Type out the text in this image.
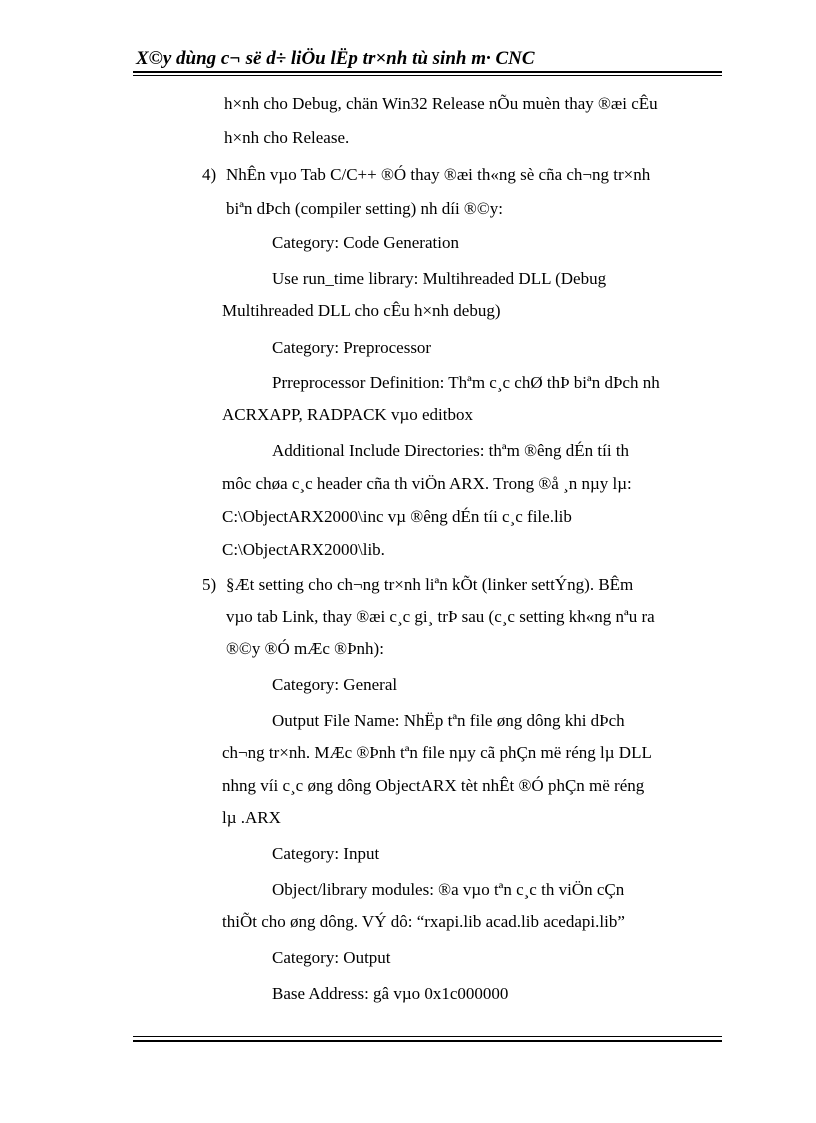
X©y dùng c¬ së d÷ liÖu lËp tr×nh tù sinh m· CNC
h×nh cho Debug, chän Win32 Release nÕu muèn thay ®æi cÊu
h×nh cho Release.
4) NhÊn vµo Tab C/C++ ®Ó thay ®æi th«ng sè cña ch¬ng tr×nh
biªn dÞch (compiler setting) nh díi ®©y:
Category: Code Generation
Use run_time library: Multihreaded DLL (Debug
Multihreaded DLL cho cÊu h×nh debug)
Category: Preprocessor
Prreprocessor Definition: Thªm c¸c chØ thÞ biªn dÞch nh
ACRXAPP, RADPACK vµo editbox
Additional Include Directories: thªm ®êng dÉn tíi th
môc chøa c¸c header cña th viÖn ARX. Trong ®å ¸n nµy lµ:
C:\ObjectARX2000\inc vµ ®êng dÉn tíi c¸c file.lib
C:\ObjectARX2000\lib.
5) §Æt setting cho ch¬ng tr×nh liªn kÕt (linker settÝng). BÊm
vµo tab Link, thay ®æi c¸c gi¸ trÞ sau (c¸c setting kh«ng nªu ra
®©y ®Ó mÆc ®Þnh):
Category: General
Output File Name: NhËp tªn file øng dông khi dÞch
ch¬ng tr×nh. MÆc ®Þnh tªn file nµy cã phÇn më réng lµ DLL
nhng víi c¸c øng dông ObjectARX tèt nhÊt ®Ó phÇn më réng
lµ .ARX
Category: Input
Object/library modules: ®a vµo tªn c¸c th viÖn cÇn
thiÕt cho øng dông. VÝ dô: “rxapi.lib acad.lib acedapi.lib”
Category: Output
Base Address: gâ vµo 0x1c000000
